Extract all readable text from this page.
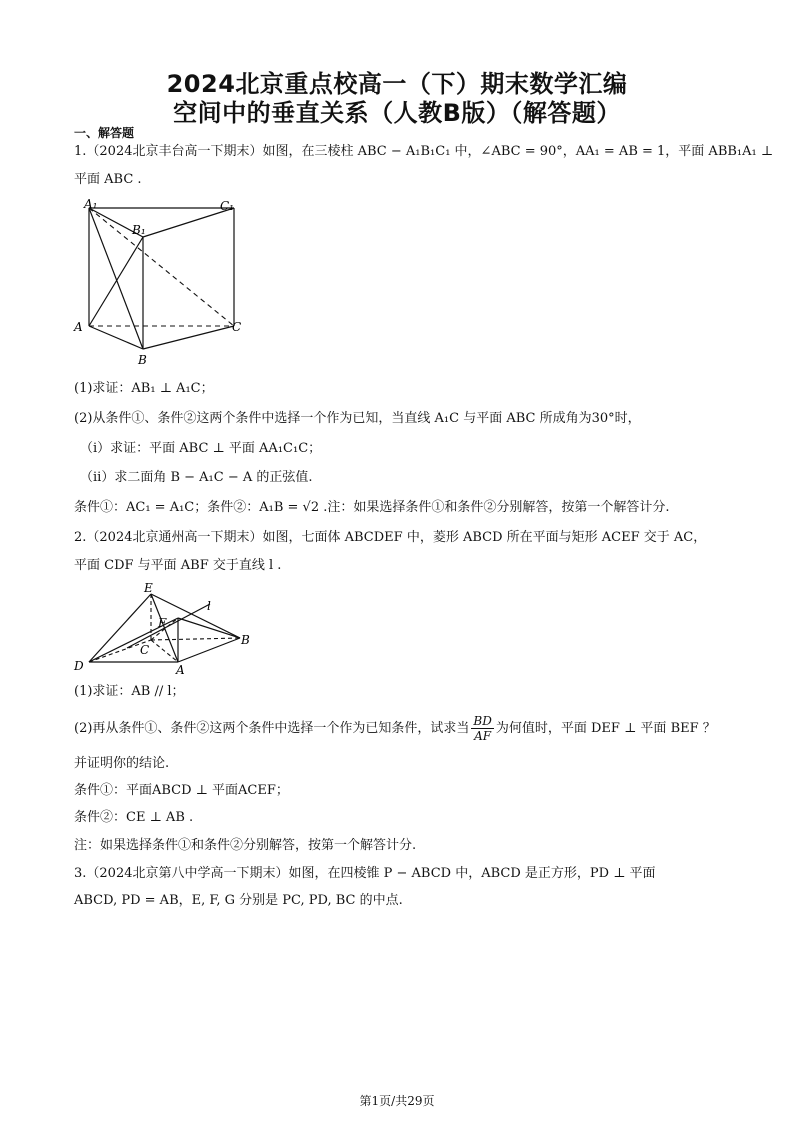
2024北京重点校高一（下）期末数学汇编
空间中的垂直关系（人教B版）（解答题）
一、解答题
1.（2024北京丰台高一下期末）如图，在三棱柱 ABC − A₁B₁C₁ 中，∠ABC = 90°，AA₁ = AB = 1，平面 ABB₁A₁ ⊥
平面 ABC .
A₁	C₁
B₁
A	C
B
(1)求证：AB₁ ⊥ A₁C；
(2)从条件①、条件②这两个条件中选择一个作为已知，当直线 A₁C 与平面 ABC 所成角为30°时，
（i）求证：平面 ABC ⊥ 平面 AA₁C₁C；
（ii）求二面角 B − A₁C − A 的正弦值.
条件①：AC₁ = A₁C；条件②：A₁B = √2 .注：如果选择条件①和条件②分别解答，按第一个解答计分.
2.（2024北京通州高一下期末）如图，七面体 ABCDEF 中，菱形 ABCD 所在平面与矩形 ACEF 交于 AC，
平面 CDF 与平面 ABF 交于直线 l .
E
l
F
B
C
D	A
(1)求证：AB // l；
(2)再从条件①、条件②这两个条件中选择一个作为已知条件，试求当 $\frac{BD}{AF}$ 为何值时，平面 DEF ⊥ 平面 BEF ？
并证明你的结论.
条件①：平面ABCD ⊥ 平面ACEF；
条件②：CE ⊥ AB .
注：如果选择条件①和条件②分别解答，按第一个解答计分.
3.（2024北京第八中学高一下期末）如图，在四棱锥 P − ABCD 中，ABCD 是正方形，PD ⊥ 平面
ABCD, PD = AB，E, F, G 分别是 PC, PD, BC 的中点.
第1页/共29页
